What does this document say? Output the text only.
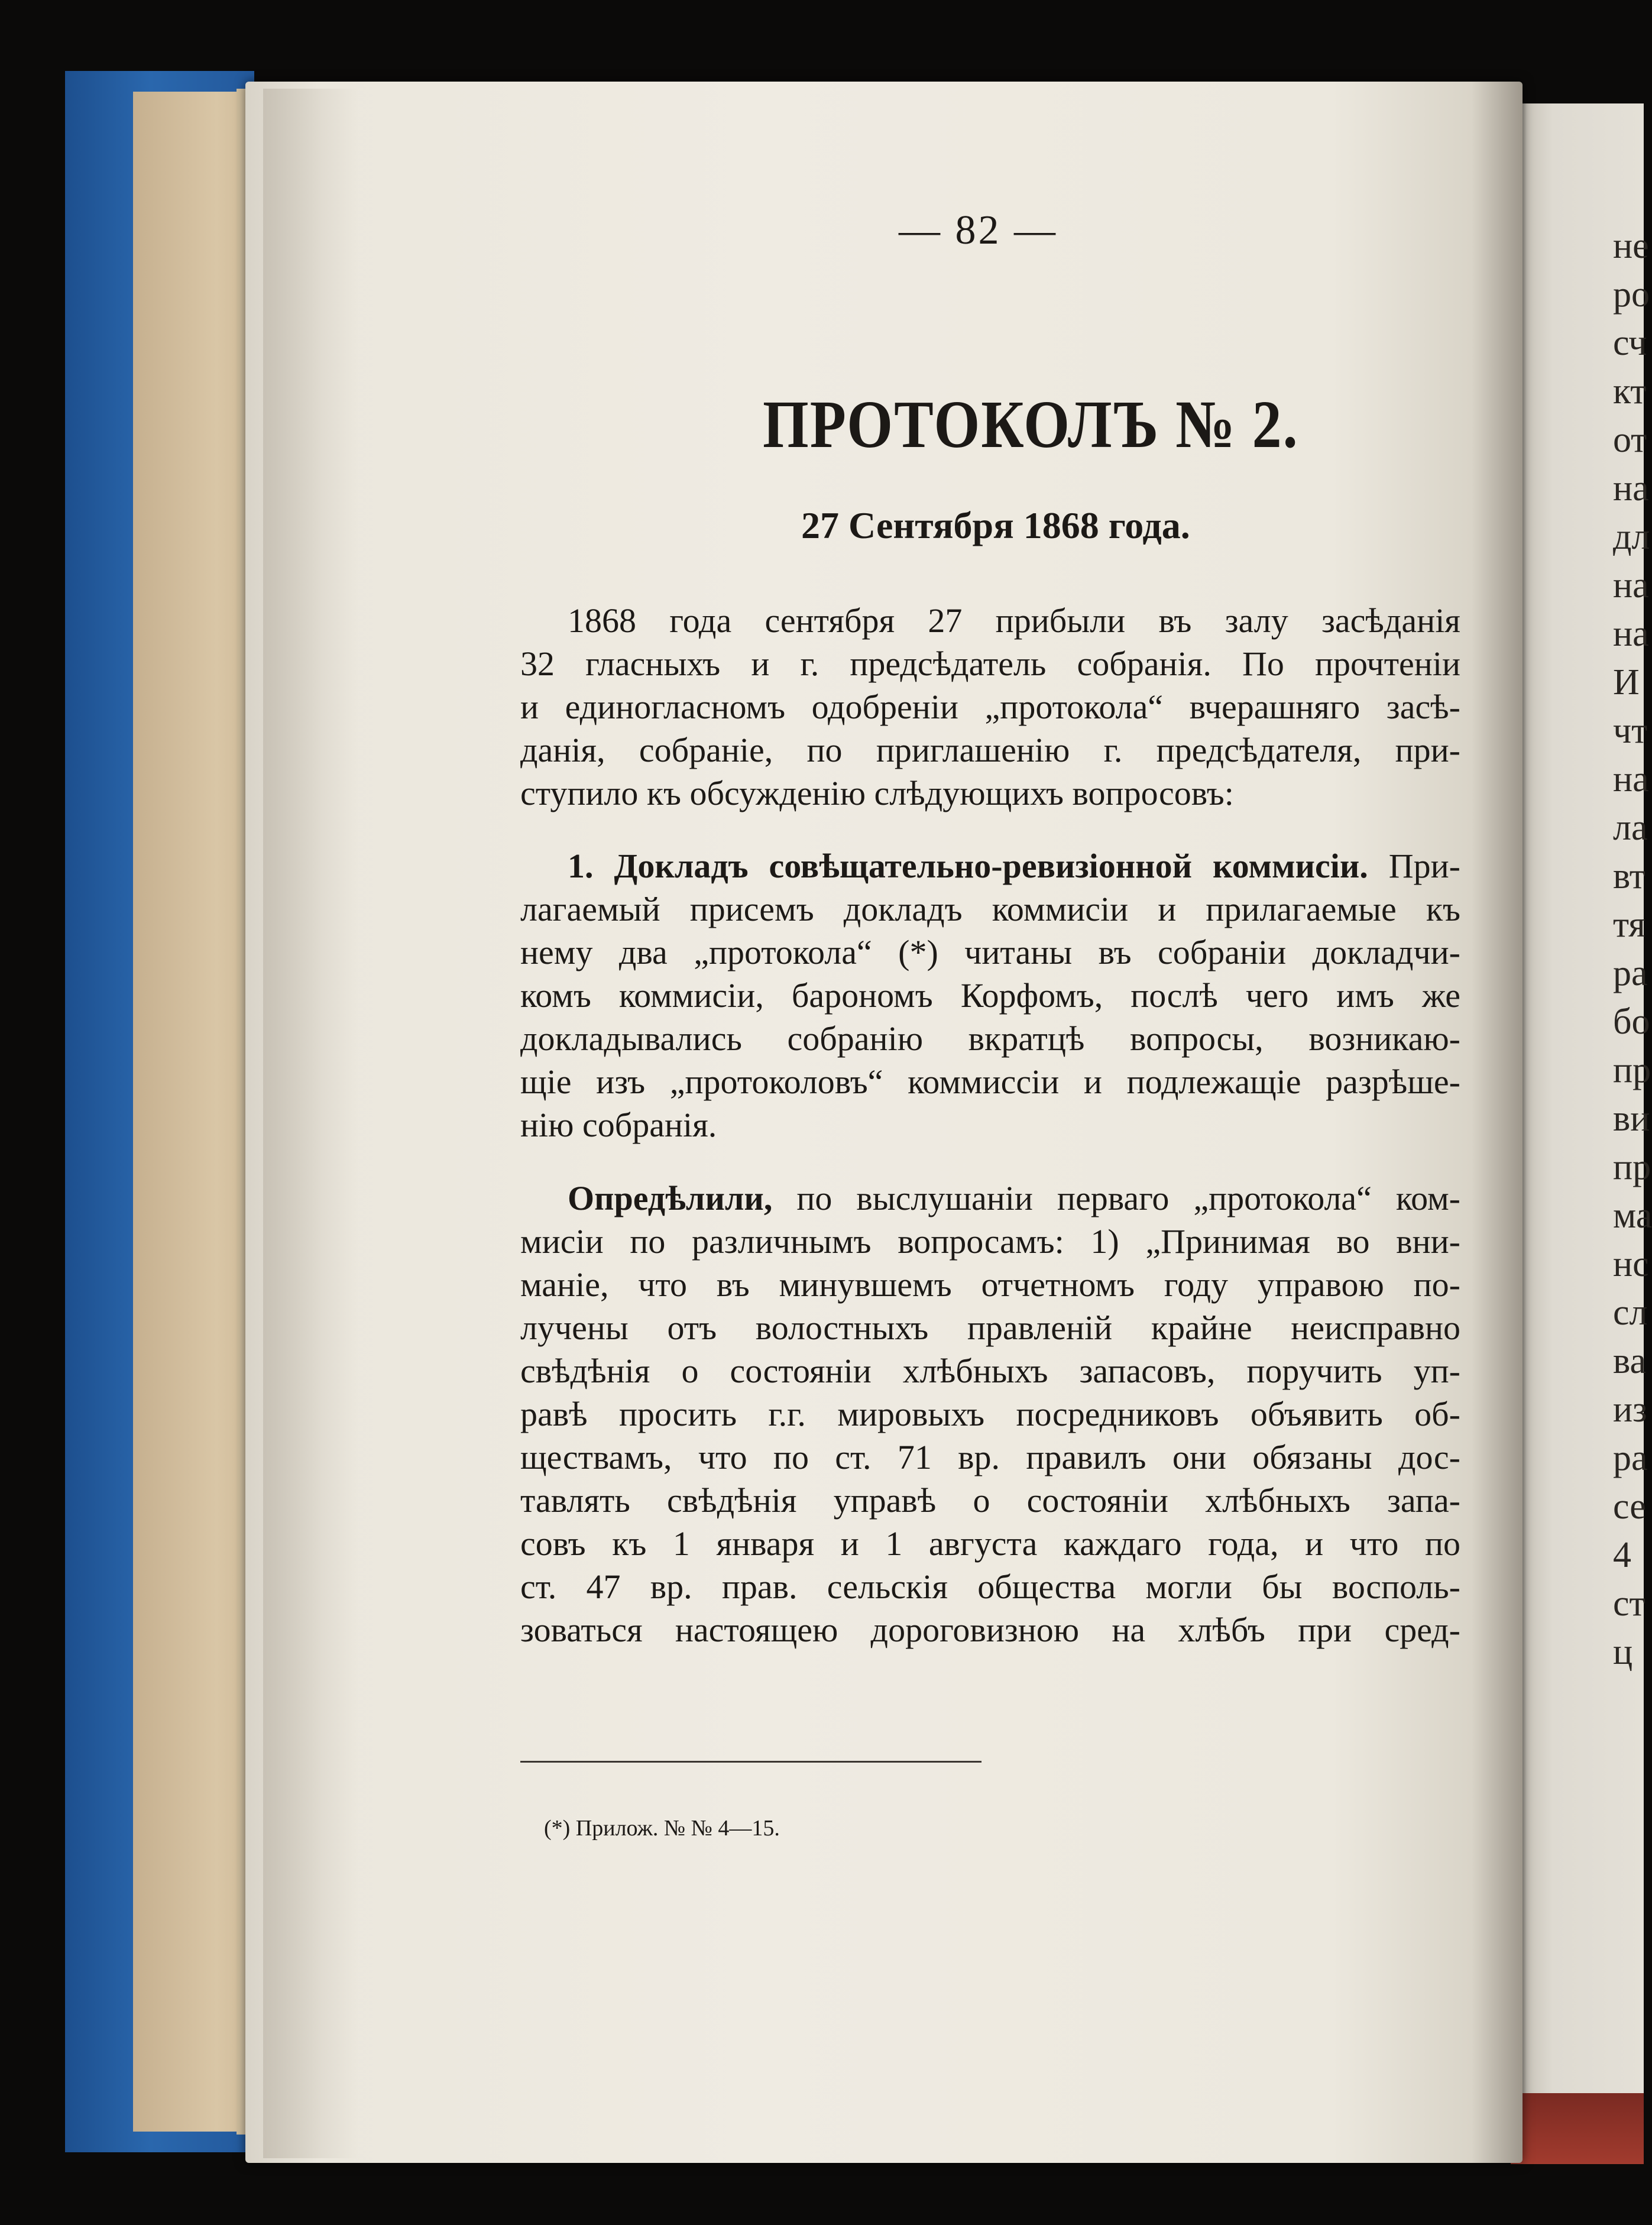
не
ро
сч
кт
от
на
дл
на
на
И
чт
на
ла
вт
тя
ра
бо
пр
ви
пр
ма
нс
сл
ва
из
ра
се
4
ст
ц
— 82 —
ПРОТОКОЛЪ № 2.
27 Сентября 1868 года.
1868 года сентября 27 прибыли въ залу засѣданія
32 гласныхъ и г. предсѣдатель собранія. По прочтеніи
и единогласномъ одобреніи „протокола“ вчерашняго засѣ-
данія, собраніе, по приглашенію г. предсѣдателя, при-
ступило къ обсужденію слѣдующихъ вопросовъ:
1. Докладъ совѣщательно-ревизіонной коммисіи. При-
лагаемый присемъ докладъ коммисіи и прилагаемые къ
нему два „протокола“ (*) читаны въ собраніи докладчи-
комъ коммисіи, барономъ Корфомъ, послѣ чего имъ же
докладывались собранію вкратцѣ вопросы, возникаю-
щіе изъ „протоколовъ“ коммиссіи и подлежащіе разрѣше-
нію собранія.
Опредѣлили, по выслушаніи перваго „протокола“ ком-
мисіи по различнымъ вопросамъ: 1) „Принимая во вни-
маніе, что въ минувшемъ отчетномъ году управою по-
лучены отъ волостныхъ правленій крайне неисправно
свѣдѣнія о состояніи хлѣбныхъ запасовъ, поручить уп-
равѣ просить г.г. мировыхъ посредниковъ объявить об-
ществамъ, что по ст. 71 вр. правилъ они обязаны дос-
тавлять свѣдѣнія управѣ о состояніи хлѣбныхъ запа-
совъ къ 1 января и 1 августа каждаго года, и что по
ст. 47 вр. прав. сельскія общества могли бы восполь-
зоваться настоящею дороговизною на хлѣбъ при сред-
(*) Прилож. № № 4—15.
